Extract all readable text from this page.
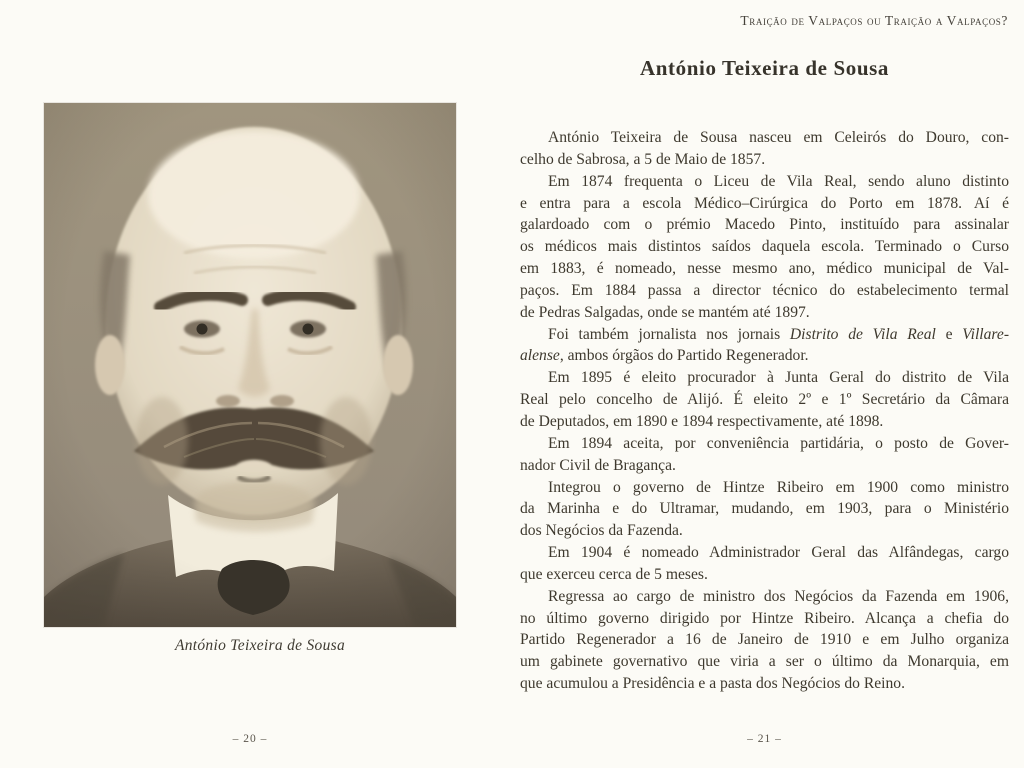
António Teixeira de Sousa
– 20 –
Traição de Valpaços ou Traição a Valpaços?
António Teixeira de Sousa
António Teixeira de Sousa nasceu em Celeirós do Douro, con-
celho de Sabrosa, a 5 de Maio de 1857.
Em 1874 frequenta o Liceu de Vila Real, sendo aluno distinto
e entra para a escola Médico–Cirúrgica do Porto em 1878. Aí é
galardoado com o prémio Macedo Pinto, instituído para assinalar
os médicos mais distintos saídos daquela escola. Terminado o Curso
em 1883, é nomeado, nesse mesmo ano, médico municipal de Val-
paços. Em 1884 passa a director técnico do estabelecimento termal
de Pedras Salgadas, onde se mantém até 1897.
Foi também jornalista nos jornais Distrito de Vila Real e Villare-
alense, ambos órgãos do Partido Regenerador.
Em 1895 é eleito procurador à Junta Geral do distrito de Vila
Real pelo concelho de Alijó. É eleito 2º e 1º Secretário da Câmara
de Deputados, em 1890 e 1894 respectivamente, até 1898.
Em 1894 aceita, por conveniência partidária, o posto de Gover-
nador Civil de Bragança.
Integrou o governo de Hintze Ribeiro em 1900 como ministro
da Marinha e do Ultramar, mudando, em 1903, para o Ministério
dos Negócios da Fazenda.
Em 1904 é nomeado Administrador Geral das Alfândegas, cargo
que exerceu cerca de 5 meses.
Regressa ao cargo de ministro dos Negócios da Fazenda em 1906,
no último governo dirigido por Hintze Ribeiro. Alcança a chefia do
Partido Regenerador a 16 de Janeiro de 1910 e em Julho organiza
um gabinete governativo que viria a ser o último da Monarquia, em
que acumulou a Presidência e a pasta dos Negócios do Reino.
– 21 –
